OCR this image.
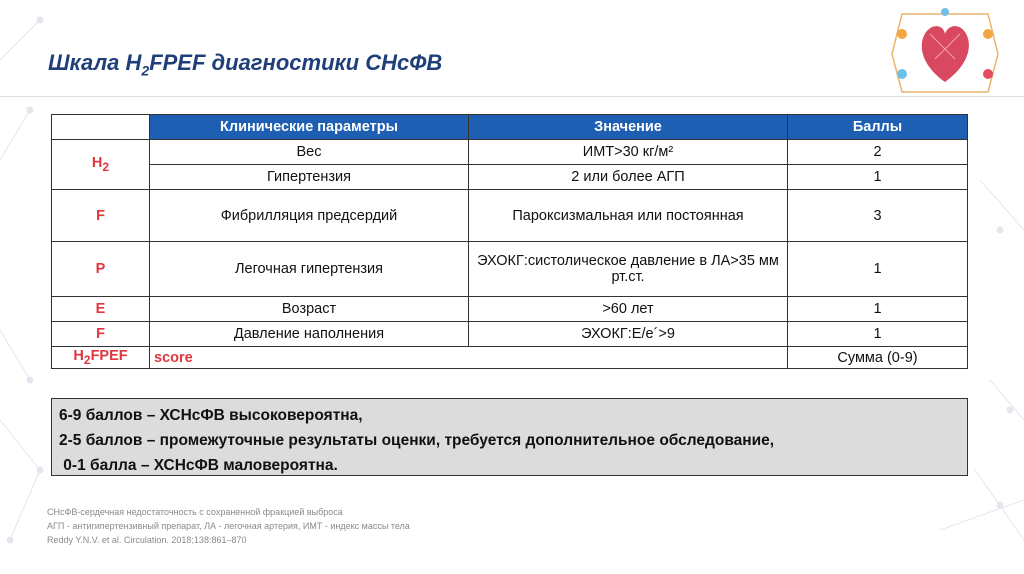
Шкала $H_2FPEF$ диагностики СНсФВ
	Клинические параметры	Значение	Баллы
$H_2$	Вес	ИМТ>30 кг/м²	2
	Гипертензия	2 или более АГП	1
F	Фибрилляция предсердий	Пароксизмальная или постоянная	3
P	Легочная гипертензия	ЭХОКГ:систолическое давление в ЛА>35 мм рт.ст.	1
E	Возраст	>60 лет	1
F	Давление наполнения	ЭХОКГ:Е/е´>9	1
$H_2FPEF$	score		Сумма (0-9)

6-9 баллов – ХСНсФВ высоковероятна,

2-5 баллов – промежуточные результаты оценки, требуется дополнительное обследование,

0-1 балла – ХСНсФВ маловероятна.

СНсФВ-сердечная недостаточность с сохраненной фракцией выброса
АГП - антигипертензивный препарат, ЛА - легочная артерия, ИМТ - индекс массы тела
Reddy Y.N.V. et al. Circulation. 2018;138:861–870
